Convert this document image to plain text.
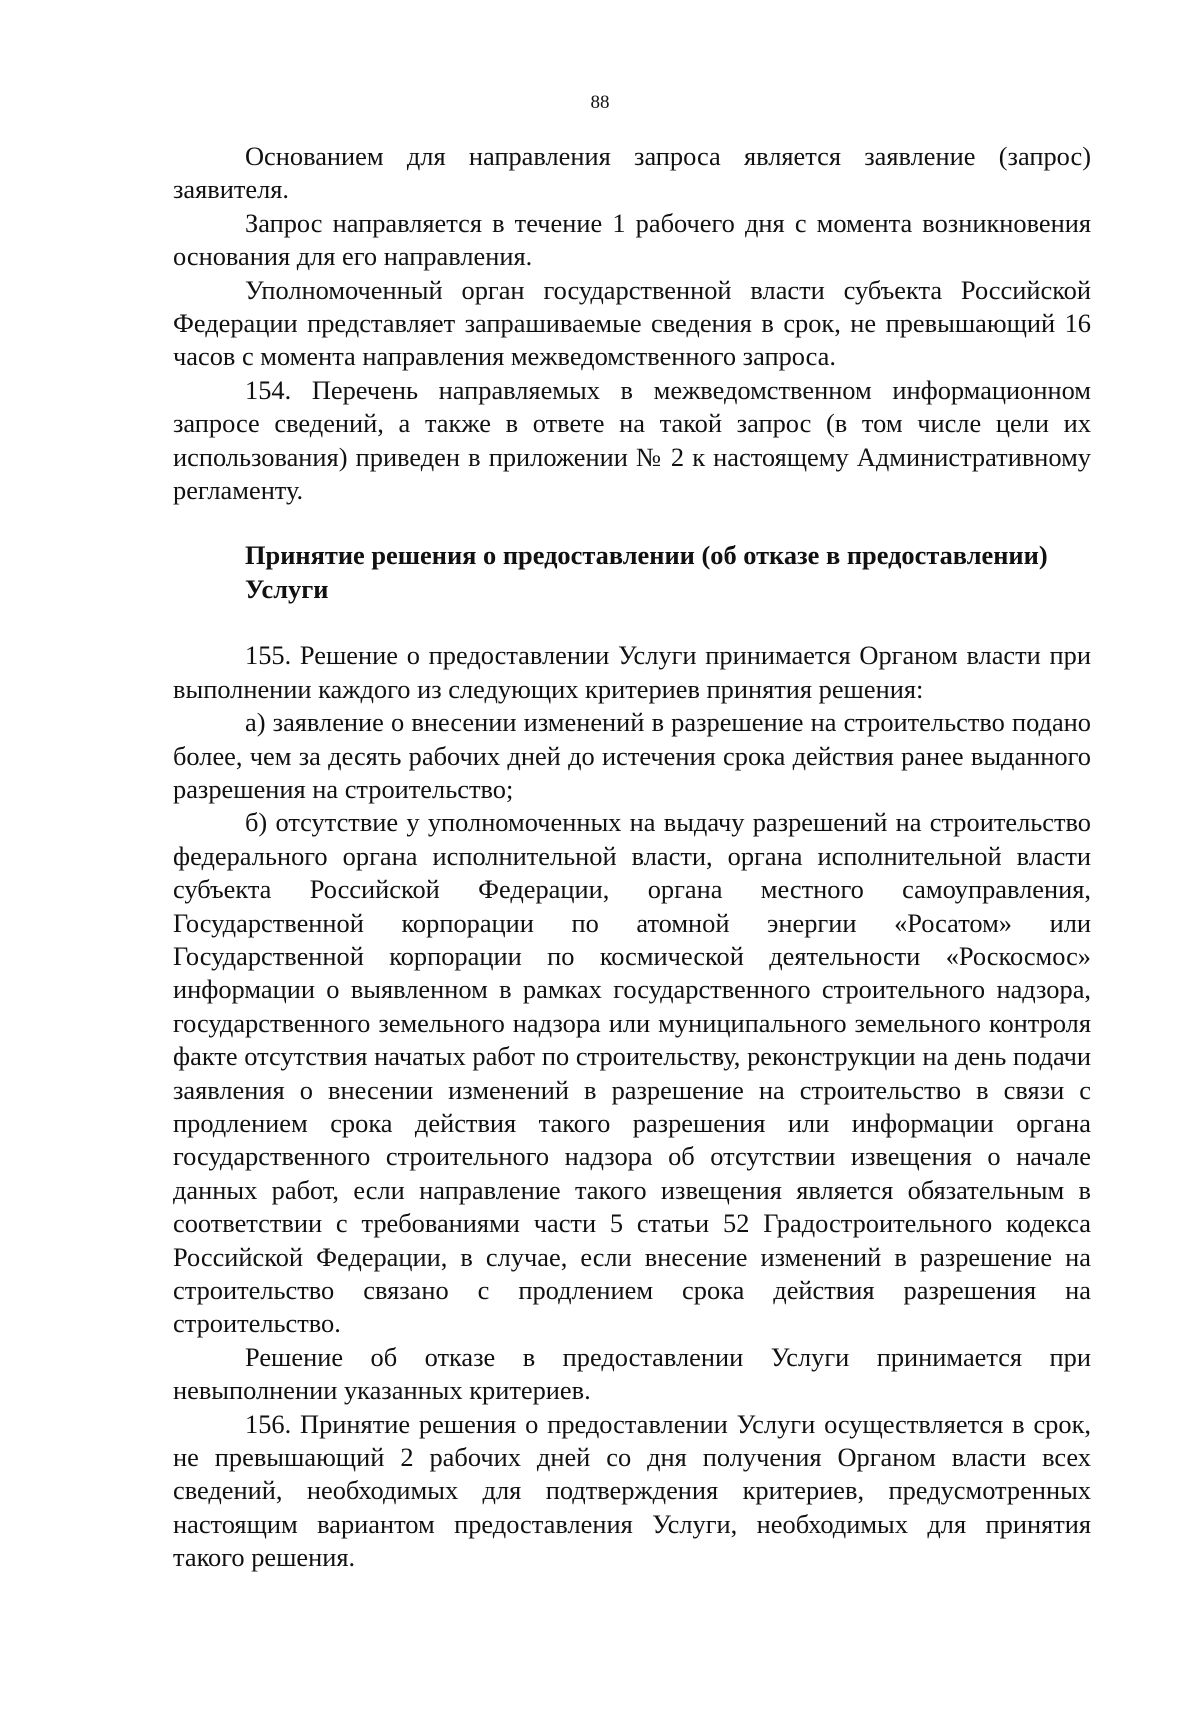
88

Основанием для направления запроса является заявление (запрос) заявителя.

Запрос направляется в течение 1 рабочего дня с момента возникновения основания для его направления.

Уполномоченный орган государственной власти субъекта Российской Федерации представляет запрашиваемые сведения в срок, не превышающий 16 часов с момента направления межведомственного запроса.

154. Перечень направляемых в межведомственном информационном запросе сведений, а также в ответе на такой запрос (в том числе цели их использования) приведен в приложении № 2 к настоящему Административному регламенту.

Принятие решения о предоставлении (об отказе в предоставлении)

Услуги

155. Решение о предоставлении Услуги принимается Органом власти при выполнении каждого из следующих критериев принятия решения:

а) заявление о внесении изменений в разрешение на строительство подано более, чем за десять рабочих дней до истечения срока действия ранее выданного разрешения на строительство;

б) отсутствие у уполномоченных на выдачу разрешений на строительство федерального органа исполнительной власти, органа исполнительной власти субъекта Российской Федерации, органа местного самоуправления, Государственной корпорации по атомной энергии «Росатом» или Государственной корпорации по космической деятельности «Роскосмос» информации о выявленном в рамках государственного строительного надзора, государственного земельного надзора или муниципального земельного контроля факте отсутствия начатых работ по строительству, реконструкции на день подачи заявления о внесении изменений в разрешение на строительство в связи с продлением срока действия такого разрешения или информации органа государственного строительного надзора об отсутствии извещения о начале данных работ, если направление такого извещения является обязательным в соответствии с требованиями части 5 статьи 52 Градостроительного кодекса Российской Федерации, в случае, если внесение изменений в разрешение на строительство связано с продлением срока действия разрешения на строительство.

Решение об отказе в предоставлении Услуги принимается при невыполнении указанных критериев.

156. Принятие решения о предоставлении Услуги осуществляется в срок, не превышающий 2 рабочих дней со дня получения Органом власти всех сведений, необходимых для подтверждения критериев, предусмотренных настоящим вариантом предоставления Услуги, необходимых для принятия такого решения.
